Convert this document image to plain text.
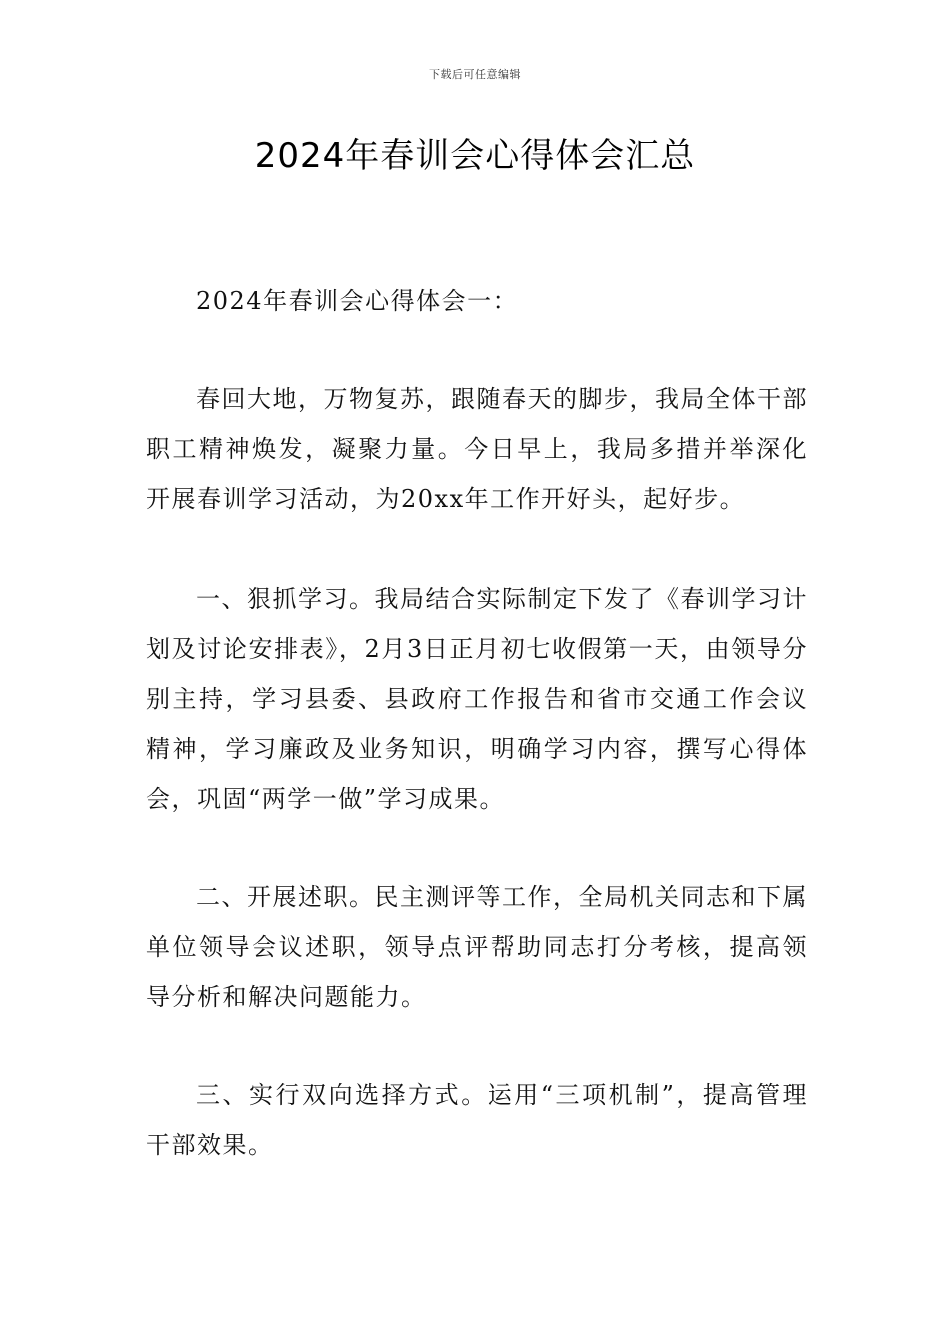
下载后可任意编辑
2024年春训会心得体会汇总

2024年春训会心得体会一：

春回大地，万物复苏，跟随春天的脚步，我局全体干部职工精神焕发，凝聚力量。今日早上，我局多措并举深化开展春训学习活动，为20xx年工作开好头，起好步。

一、狠抓学习。我局结合实际制定下发了《春训学习计划及讨论安排表》，2月3日正月初七收假第一天，由领导分别主持，学习县委、县政府工作报告和省市交通工作会议精神，学习廉政及业务知识，明确学习内容，撰写心得体会，巩固“两学一做”学习成果。

二、开展述职。民主测评等工作，全局机关同志和下属单位领导会议述职，领导点评帮助同志打分考核，提高领导分析和解决问题能力。

三、实行双向选择方式。运用“三项机制”，提高管理干部效果。
